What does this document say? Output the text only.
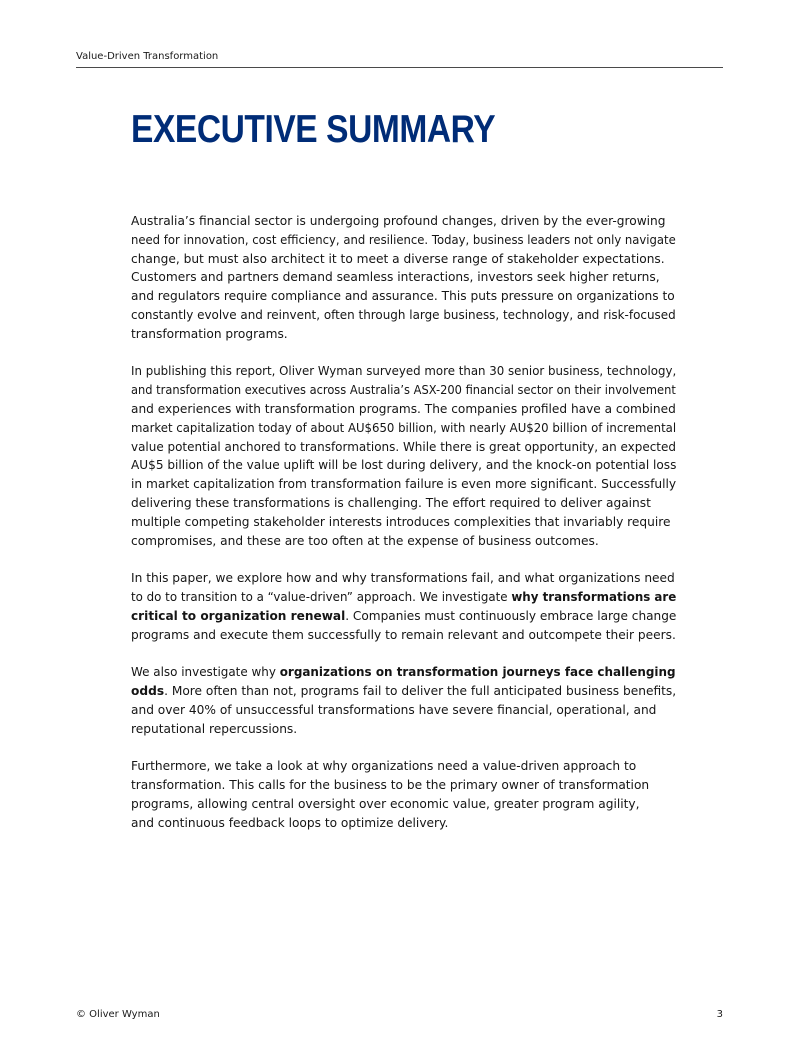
Value-Driven Transformation
EXECUTIVE SUMMARY

Australia’s financial sector is undergoing profound changes, driven by the ever-growing
need for innovation, cost efficiency, and resilience. Today, business leaders not only navigate
change, but must also architect it to meet a diverse range of stakeholder expectations.
Customers and partners demand seamless interactions, investors seek higher returns,
and regulators require compliance and assurance. This puts pressure on organizations to
constantly evolve and reinvent, often through large business, technology, and risk-focused
transformation programs.

In publishing this report, Oliver Wyman surveyed more than 30 senior business, technology,
and transformation executives across Australia’s ASX-200 financial sector on their involvement
and experiences with transformation programs. The companies profiled have a combined
market capitalization today of about AU$650 billion, with nearly AU$20 billion of incremental
value potential anchored to transformations. While there is great opportunity, an expected
AU$5 billion of the value uplift will be lost during delivery, and the knock-on potential loss
in market capitalization from transformation failure is even more significant. Successfully
delivering these transformations is challenging. The effort required to deliver against
multiple competing stakeholder interests introduces complexities that invariably require
compromises, and these are too often at the expense of business outcomes.

In this paper, we explore how and why transformations fail, and what organizations need
to do to transition to a “value-driven” approach. We investigate why transformations are
critical to organization renewal. Companies must continuously embrace large change
programs and execute them successfully to remain relevant and outcompete their peers.

We also investigate why organizations on transformation journeys face challenging
odds. More often than not, programs fail to deliver the full anticipated business benefits,
and over 40% of unsuccessful transformations have severe financial, operational, and
reputational repercussions.

Furthermore, we take a look at why organizations need a value-driven approach to
transformation. This calls for the business to be the primary owner of transformation
programs, allowing central oversight over economic value, greater program agility,
and continuous feedback loops to optimize delivery.

© Oliver Wyman	3
